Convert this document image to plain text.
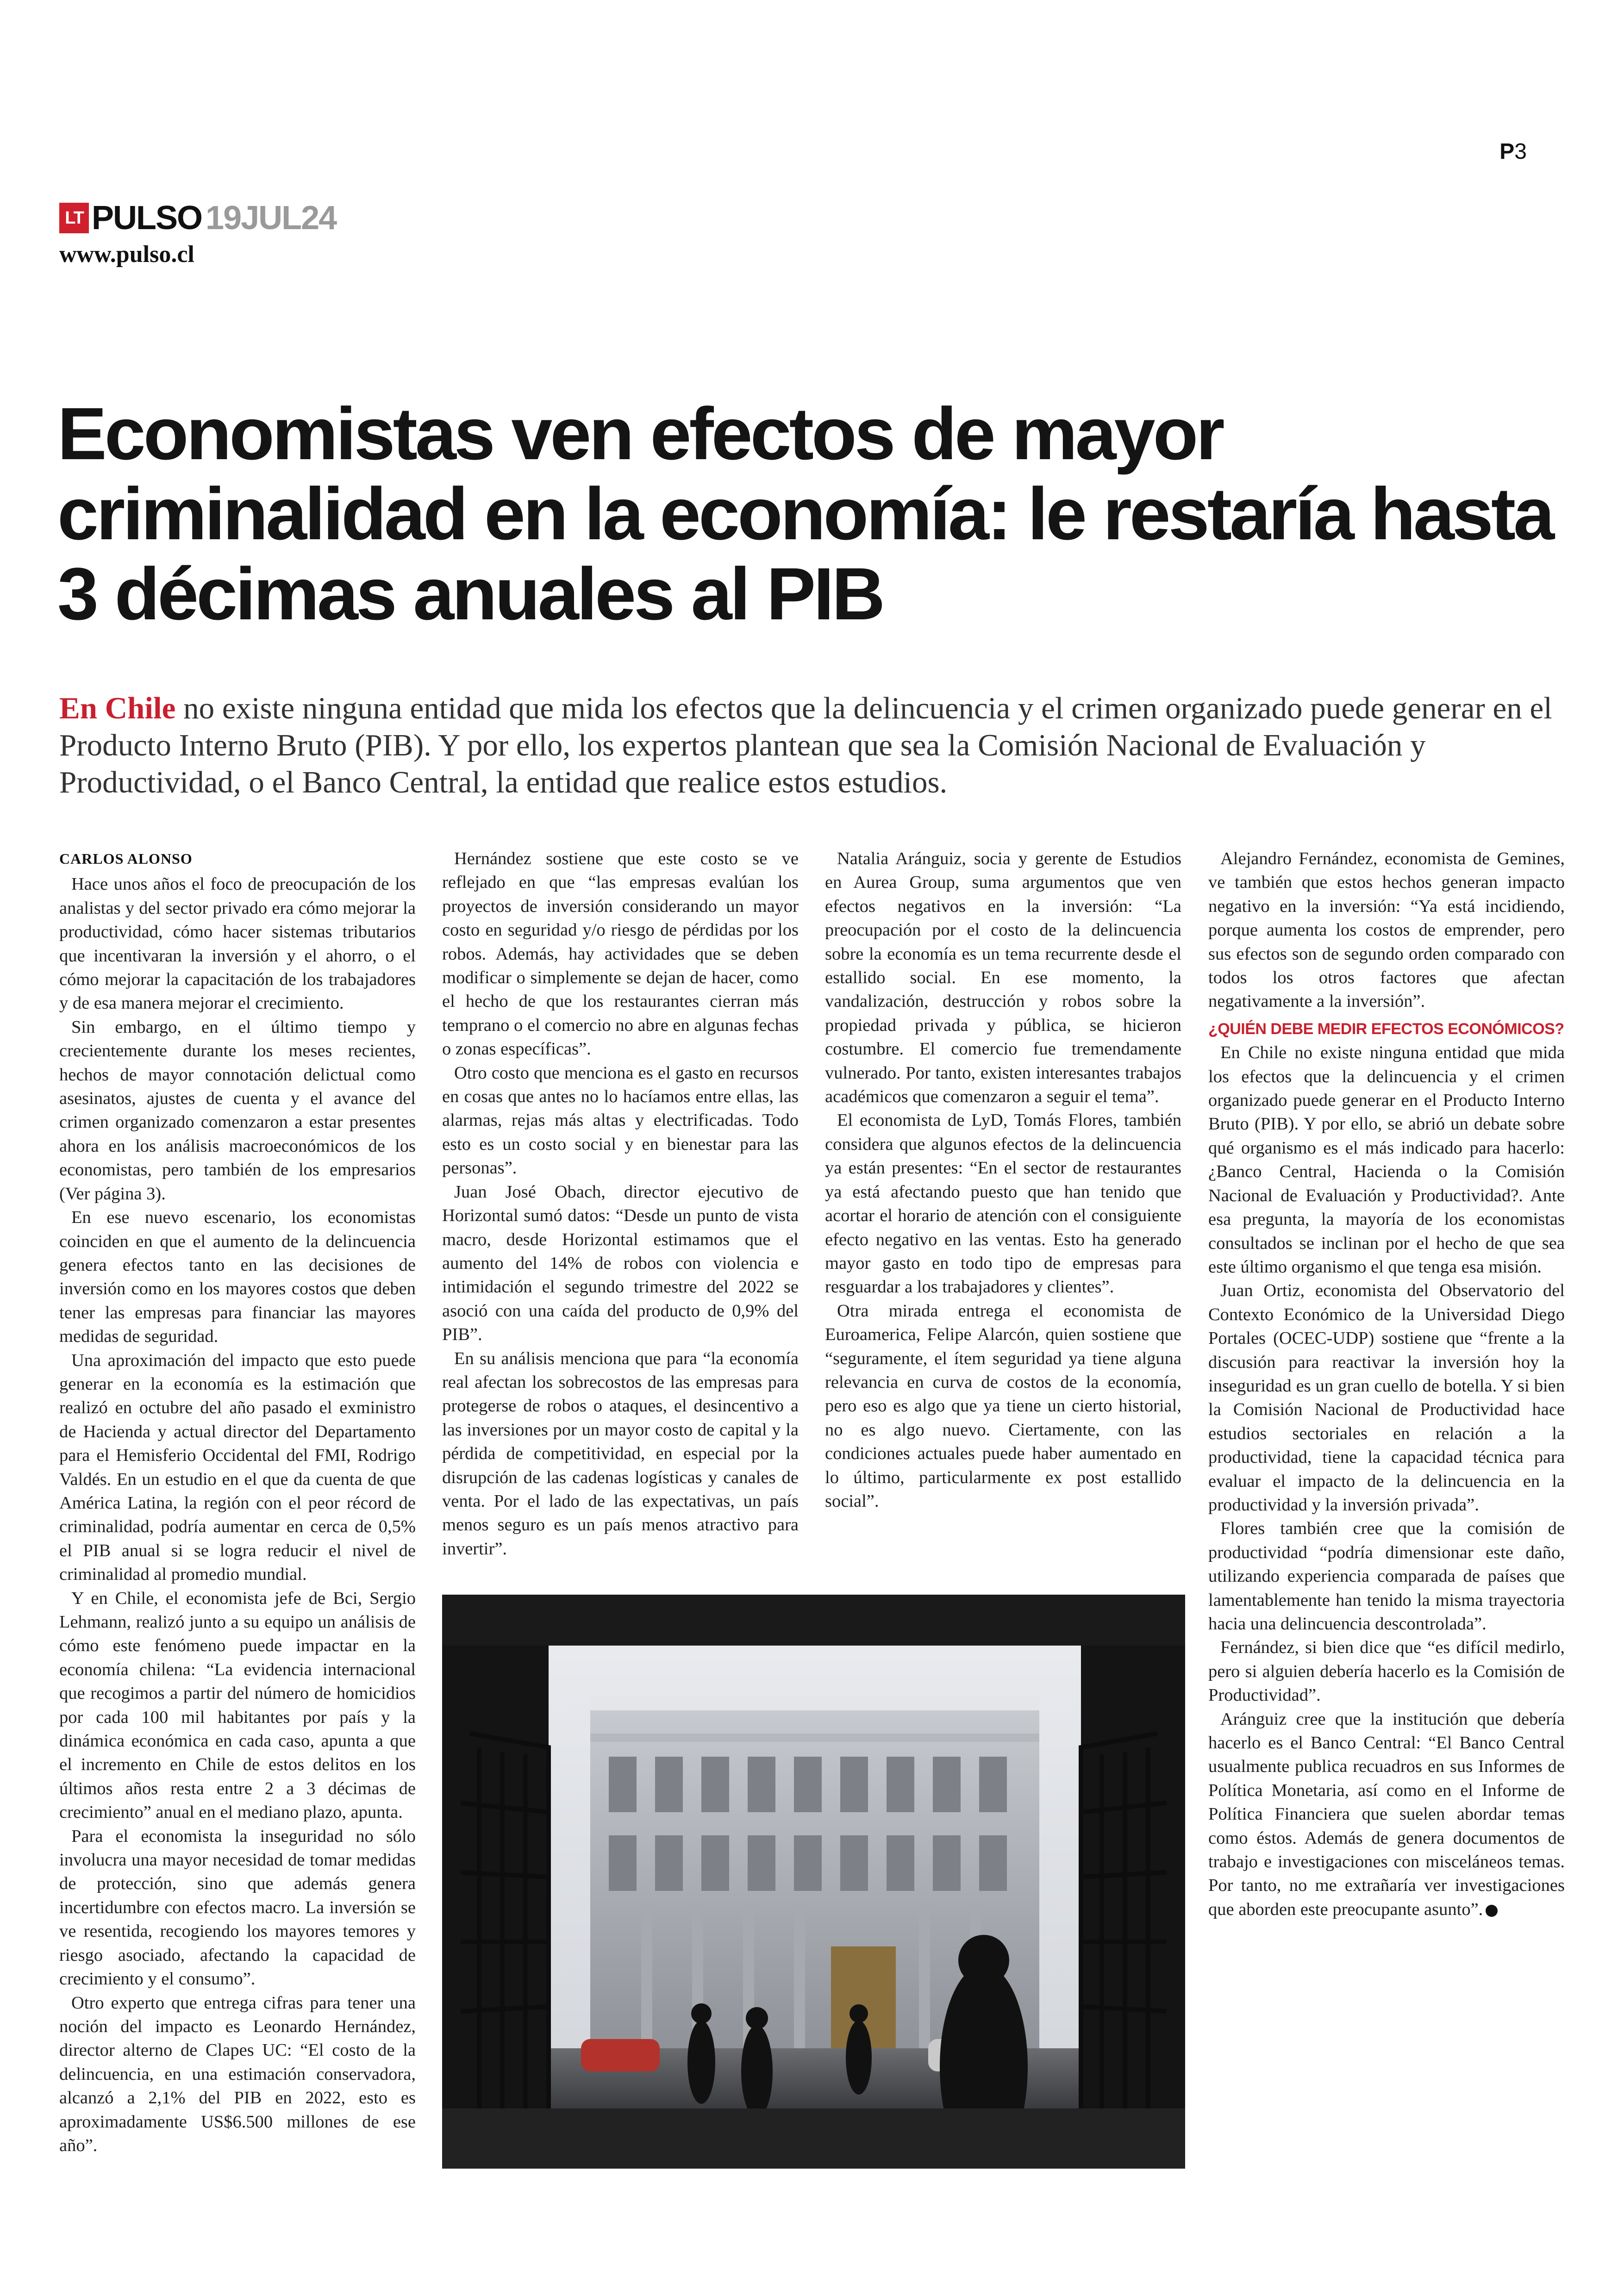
P3
LT PULSO 19JUL24
www.pulso.cl
Economistas ven efectos de mayor criminalidad en la economía: le restaría hasta 3 décimas anuales al PIB

En Chile no existe ninguna entidad que mida los efectos que la delincuencia y el crimen organizado puede generar en el Producto Interno Bruto (PIB). Y por ello, los expertos plantean que sea la Comisión Nacional de Evaluación y Productividad, o el Banco Central, la entidad que realice estos estudios.

CARLOS ALONSO

Hace unos años el foco de preocupación de los analistas y del sector privado era cómo mejorar la productividad, cómo hacer sistemas tributarios que incentivaran la inversión y el ahorro, o el cómo mejorar la capacitación de los trabajadores y de esa manera mejorar el crecimiento.

Sin embargo, en el último tiempo y crecientemente durante los meses recientes, hechos de mayor connotación delictual como asesinatos, ajustes de cuenta y el avance del crimen organizado comenzaron a estar presentes ahora en los análisis macroeconómicos de los economistas, pero también de los empresarios (Ver página 3).

En ese nuevo escenario, los economistas coinciden en que el aumento de la delincuencia genera efectos tanto en las decisiones de inversión como en los mayores costos que deben tener las empresas para financiar las mayores medidas de seguridad.

Una aproximación del impacto que esto puede generar en la economía es la estimación que realizó en octubre del año pasado el exministro de Hacienda y actual director del Departamento para el Hemisferio Occidental del FMI, Rodrigo Valdés. En un estudio en el que da cuenta de que América Latina, la región con el peor récord de criminalidad, podría aumentar en cerca de 0,5% el PIB anual si se logra reducir el nivel de criminalidad al promedio mundial.

Y en Chile, el economista jefe de Bci, Sergio Lehmann, realizó junto a su equipo un análisis de cómo este fenómeno puede impactar en la economía chilena: “La evidencia internacional que recogimos a partir del número de homicidios por cada 100 mil habitantes por país y la dinámica económica en cada caso, apunta a que el incremento en Chile de estos delitos en los últimos años resta entre 2 a 3 décimas de crecimiento” anual en el mediano plazo, apunta.

Para el economista la inseguridad no sólo involucra una mayor necesidad de tomar medidas de protección, sino que además genera incertidumbre con efectos macro. La inversión se ve resentida, recogiendo los mayores temores y riesgo asociado, afectando la capacidad de crecimiento y el consumo”.

Otro experto que entrega cifras para tener una noción del impacto es Leonardo Hernández, director alterno de Clapes UC: “El costo de la delincuencia, en una estimación conservadora, alcanzó a 2,1% del PIB en 2022, esto es aproximadamente US$6.500 millones de ese año”.

Hernández sostiene que este costo se ve reflejado en que “las empresas evalúan los proyectos de inversión considerando un mayor costo en seguridad y/o riesgo de pérdidas por los robos. Además, hay actividades que se deben modificar o simplemente se dejan de hacer, como el hecho de que los restaurantes cierran más temprano o el comercio no abre en algunas fechas o zonas específicas”.

Otro costo que menciona es el gasto en recursos en cosas que antes no lo hacíamos entre ellas, las alarmas, rejas más altas y electrificadas. Todo esto es un costo social y en bienestar para las personas”.

Juan José Obach, director ejecutivo de Horizontal sumó datos: “Desde un punto de vista macro, desde Horizontal estimamos que el aumento del 14% de robos con violencia e intimidación el segundo trimestre del 2022 se asoció con una caída del producto de 0,9% del PIB”.

En su análisis menciona que para “la economía real afectan los sobrecostos de las empresas para protegerse de robos o ataques, el desincentivo a las inversiones por un mayor costo de capital y la pérdida de competitividad, en especial por la disrupción de las cadenas logísticas y canales de venta. Por el lado de las expectativas, un país menos seguro es un país menos atractivo para invertir”.

Natalia Aránguiz, socia y gerente de Estudios en Aurea Group, suma argumentos que ven efectos negativos en la inversión: “La preocupación por el costo de la delincuencia sobre la economía es un tema recurrente desde el estallido social. En ese momento, la vandalización, destrucción y robos sobre la propiedad privada y pública, se hicieron costumbre. El comercio fue tremendamente vulnerado. Por tanto, existen interesantes trabajos académicos que comenzaron a seguir el tema”.

El economista de LyD, Tomás Flores, también considera que algunos efectos de la delincuencia ya están presentes: “En el sector de restaurantes ya está afectando puesto que han tenido que acortar el horario de atención con el consiguiente efecto negativo en las ventas. Esto ha generado mayor gasto en todo tipo de empresas para resguardar a los trabajadores y clientes”.

Otra mirada entrega el economista de Euroamerica, Felipe Alarcón, quien sostiene que “seguramente, el ítem seguridad ya tiene alguna relevancia en curva de costos de la economía, pero eso es algo que ya tiene un cierto historial, no es algo nuevo. Ciertamente, con las condiciones actuales puede haber aumentado en lo último, particularmente ex post estallido social”.

Alejandro Fernández, economista de Gemines, ve también que estos hechos generan impacto negativo en la inversión: “Ya está incidiendo, porque aumenta los costos de emprender, pero sus efectos son de segundo orden comparado con todos los otros factores que afectan negativamente a la inversión”.

¿QUIÉN DEBE MEDIR EFECTOS ECONÓMICOS?

En Chile no existe ninguna entidad que mida los efectos que la delincuencia y el crimen organizado puede generar en el Producto Interno Bruto (PIB). Y por ello, se abrió un debate sobre qué organismo es el más indicado para hacerlo: ¿Banco Central, Hacienda o la Comisión Nacional de Evaluación y Productividad?. Ante esa pregunta, la mayoría de los economistas consultados se inclinan por el hecho de que sea este último organismo el que tenga esa misión.

Juan Ortiz, economista del Observatorio del Contexto Económico de la Universidad Diego Portales (OCEC-UDP) sostiene que “frente a la discusión para reactivar la inversión hoy la inseguridad es un gran cuello de botella. Y si bien la Comisión Nacional de Productividad hace estudios sectoriales en relación a la productividad, tiene la capacidad técnica para evaluar el impacto de la delincuencia en la productividad y la inversión privada”.

Flores también cree que la comisión de productividad “podría dimensionar este daño, utilizando experiencia comparada de países que lamentablemente han tenido la misma trayectoria hacia una delincuencia descontrolada”.

Fernández, si bien dice que “es difícil medirlo, pero si alguien debería hacerlo es la Comisión de Productividad”.

Aránguiz cree que la institución que debería hacerlo es el Banco Central: “El Banco Central usualmente publica recuadros en sus Informes de Política Monetaria, así como en el Informe de Política Financiera que suelen abordar temas como éstos. Además de genera documentos de trabajo e investigaciones con misceláneos temas. Por tanto, no me extrañaría ver investigaciones que aborden este preocupante asunto”.P
